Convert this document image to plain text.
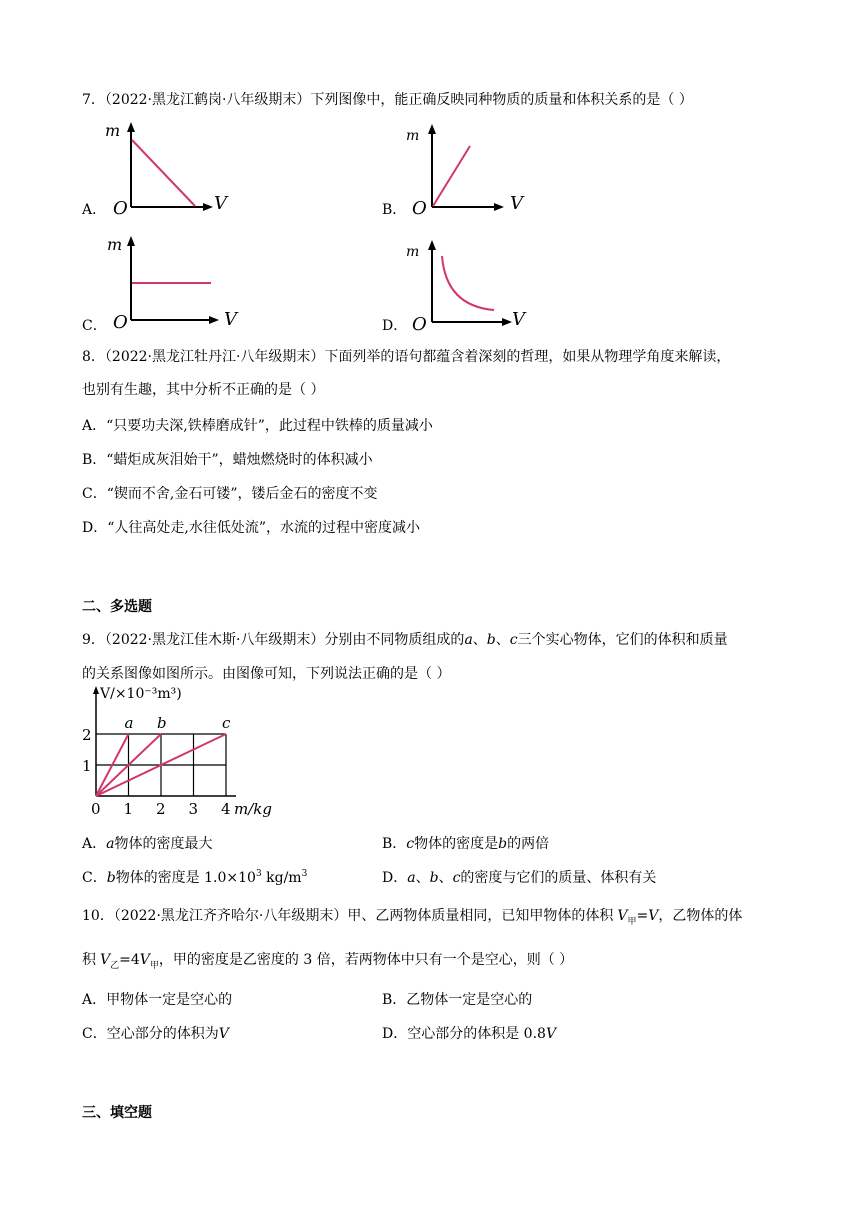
7．（2022·黑龙江鹤岗·八年级期末）下列图像中，能正确反映同种物质的质量和体积关系的是（ ）
A．
m
O	V	B．
m
O	V
C．
m
O	V	D．
m
O	V
8．（2022·黑龙江牡丹江·八年级期末）下面列举的语句都蕴含着深刻的哲理，如果从物理学角度来解读，
也别有生趣，其中分析不正确的是（ ）
A．“只要功夫深,铁棒磨成针”，此过程中铁棒的质量减小
B．“蜡炬成灰泪始干”，蜡烛燃烧时的体积减小
C．“锲而不舍,金石可镂”，镂后金石的密度不变
D．“人往高处走,水往低处流”，水流的过程中密度减小
二、多选题
9．（2022·黑龙江佳木斯·八年级期末）分别由不同物质组成的a、b、c三个实心物体，它们的体积和质量
的关系图像如图所示。由图像可知，下列说法正确的是（ ）
a b	c
0 1 2 3 4
1
2
V/×10⁻³m³)
m/kg
A．a物体的密度最大	B．c物体的密度是b的两倍
C．b物体的密度是 $1.0\times 10^3$ $kg/m^3$	D．a、b、c的密度与它们的质量、体积有关
10．（2022·黑龙江齐齐哈尔·八年级期末）甲、乙两物体质量相同，已知甲物体的体积 $V_甲=V$，乙物体的体
积 $V_乙=4V_甲$，甲的密度是乙密度的 3 倍，若两物体中只有一个是空心，则（ ）
A．甲物体一定是空心的	B．乙物体一定是空心的
C．空心部分的体积为V	D．空心部分的体积是 0.8V
三、填空题
